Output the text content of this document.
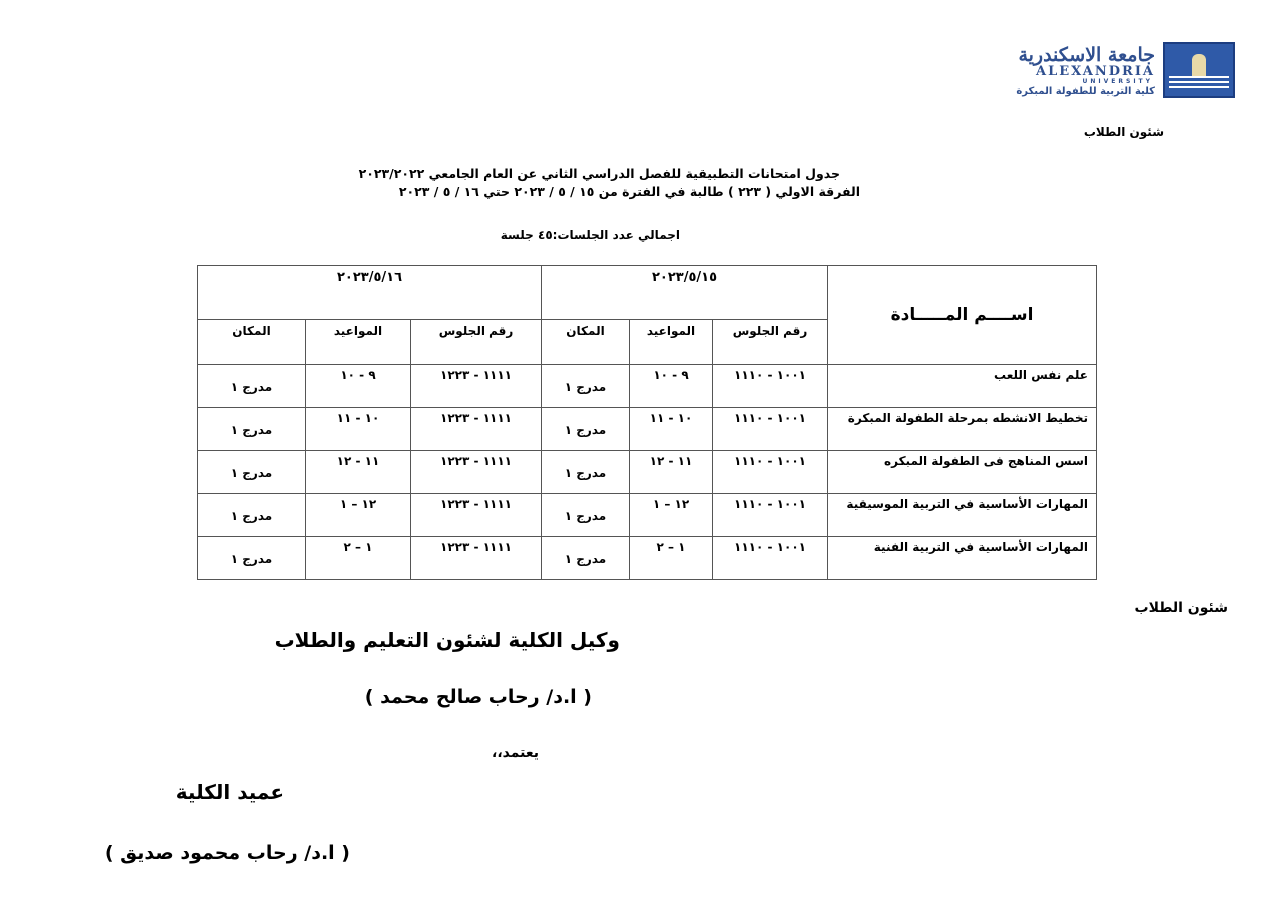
جامعة الاسكندرية
ALEXANDRIA
UNIVERSITY
كلية التربية للطفولة المبكرة
شئون الطلاب
جدول امتحانات التطبيقية للفصل الدراسي الثاني عن العام الجامعي ٢٠٢٣/٢٠٢٢
الفرقة الاولي ( ٢٢٣ ) طالبة في الفترة من ١٥ / ٥ / ٢٠٢٣ حتي ١٦ / ٥ / ٢٠٢٣
اجمالي عدد الجلسات:٤٥ جلسة
اســــم المـــــادة	٢٠٢٣/٥/١٥			٢٠٢٣/٥/١٦		
	رقم الجلوس	المواعيد	المكان	رقم الجلوس	المواعيد	المكان
علم نفس اللعب	١٠٠١ - ١١١٠	٩ - ١٠	مدرج ١	١١١١ - ١٢٢٣	٩ - ١٠	مدرج ١
تخطيط الانشطه بمرحلة الطفولة المبكرة	١٠٠١ - ١١١٠	١٠ - ١١	مدرج ١	١١١١ - ١٢٢٣	١٠ - ١١	مدرج ١
اسس المناهج فى الطفولة المبكره	١٠٠١ - ١١١٠	١١ - ١٢	مدرج ١	١١١١ - ١٢٢٣	١١ - ١٢	مدرج ١
المهارات الأساسية في التربية الموسيقية	١٠٠١ - ١١١٠	١٢ – ١	مدرج ١	١١١١ - ١٢٢٣	١٢ – ١	مدرج ١
المهارات الأساسية في التربية الفنية	١٠٠١ - ١١١٠	١ – ٢	مدرج ١	١١١١ - ١٢٢٣	١ – ٢	مدرج ١
شئون الطلاب
وكيل الكلية لشئون التعليم والطلاب
( ا.د/ رحاب صالح محمد )
يعتمد،،
عميد الكلية
( ا.د/ رحاب محمود صديق )
